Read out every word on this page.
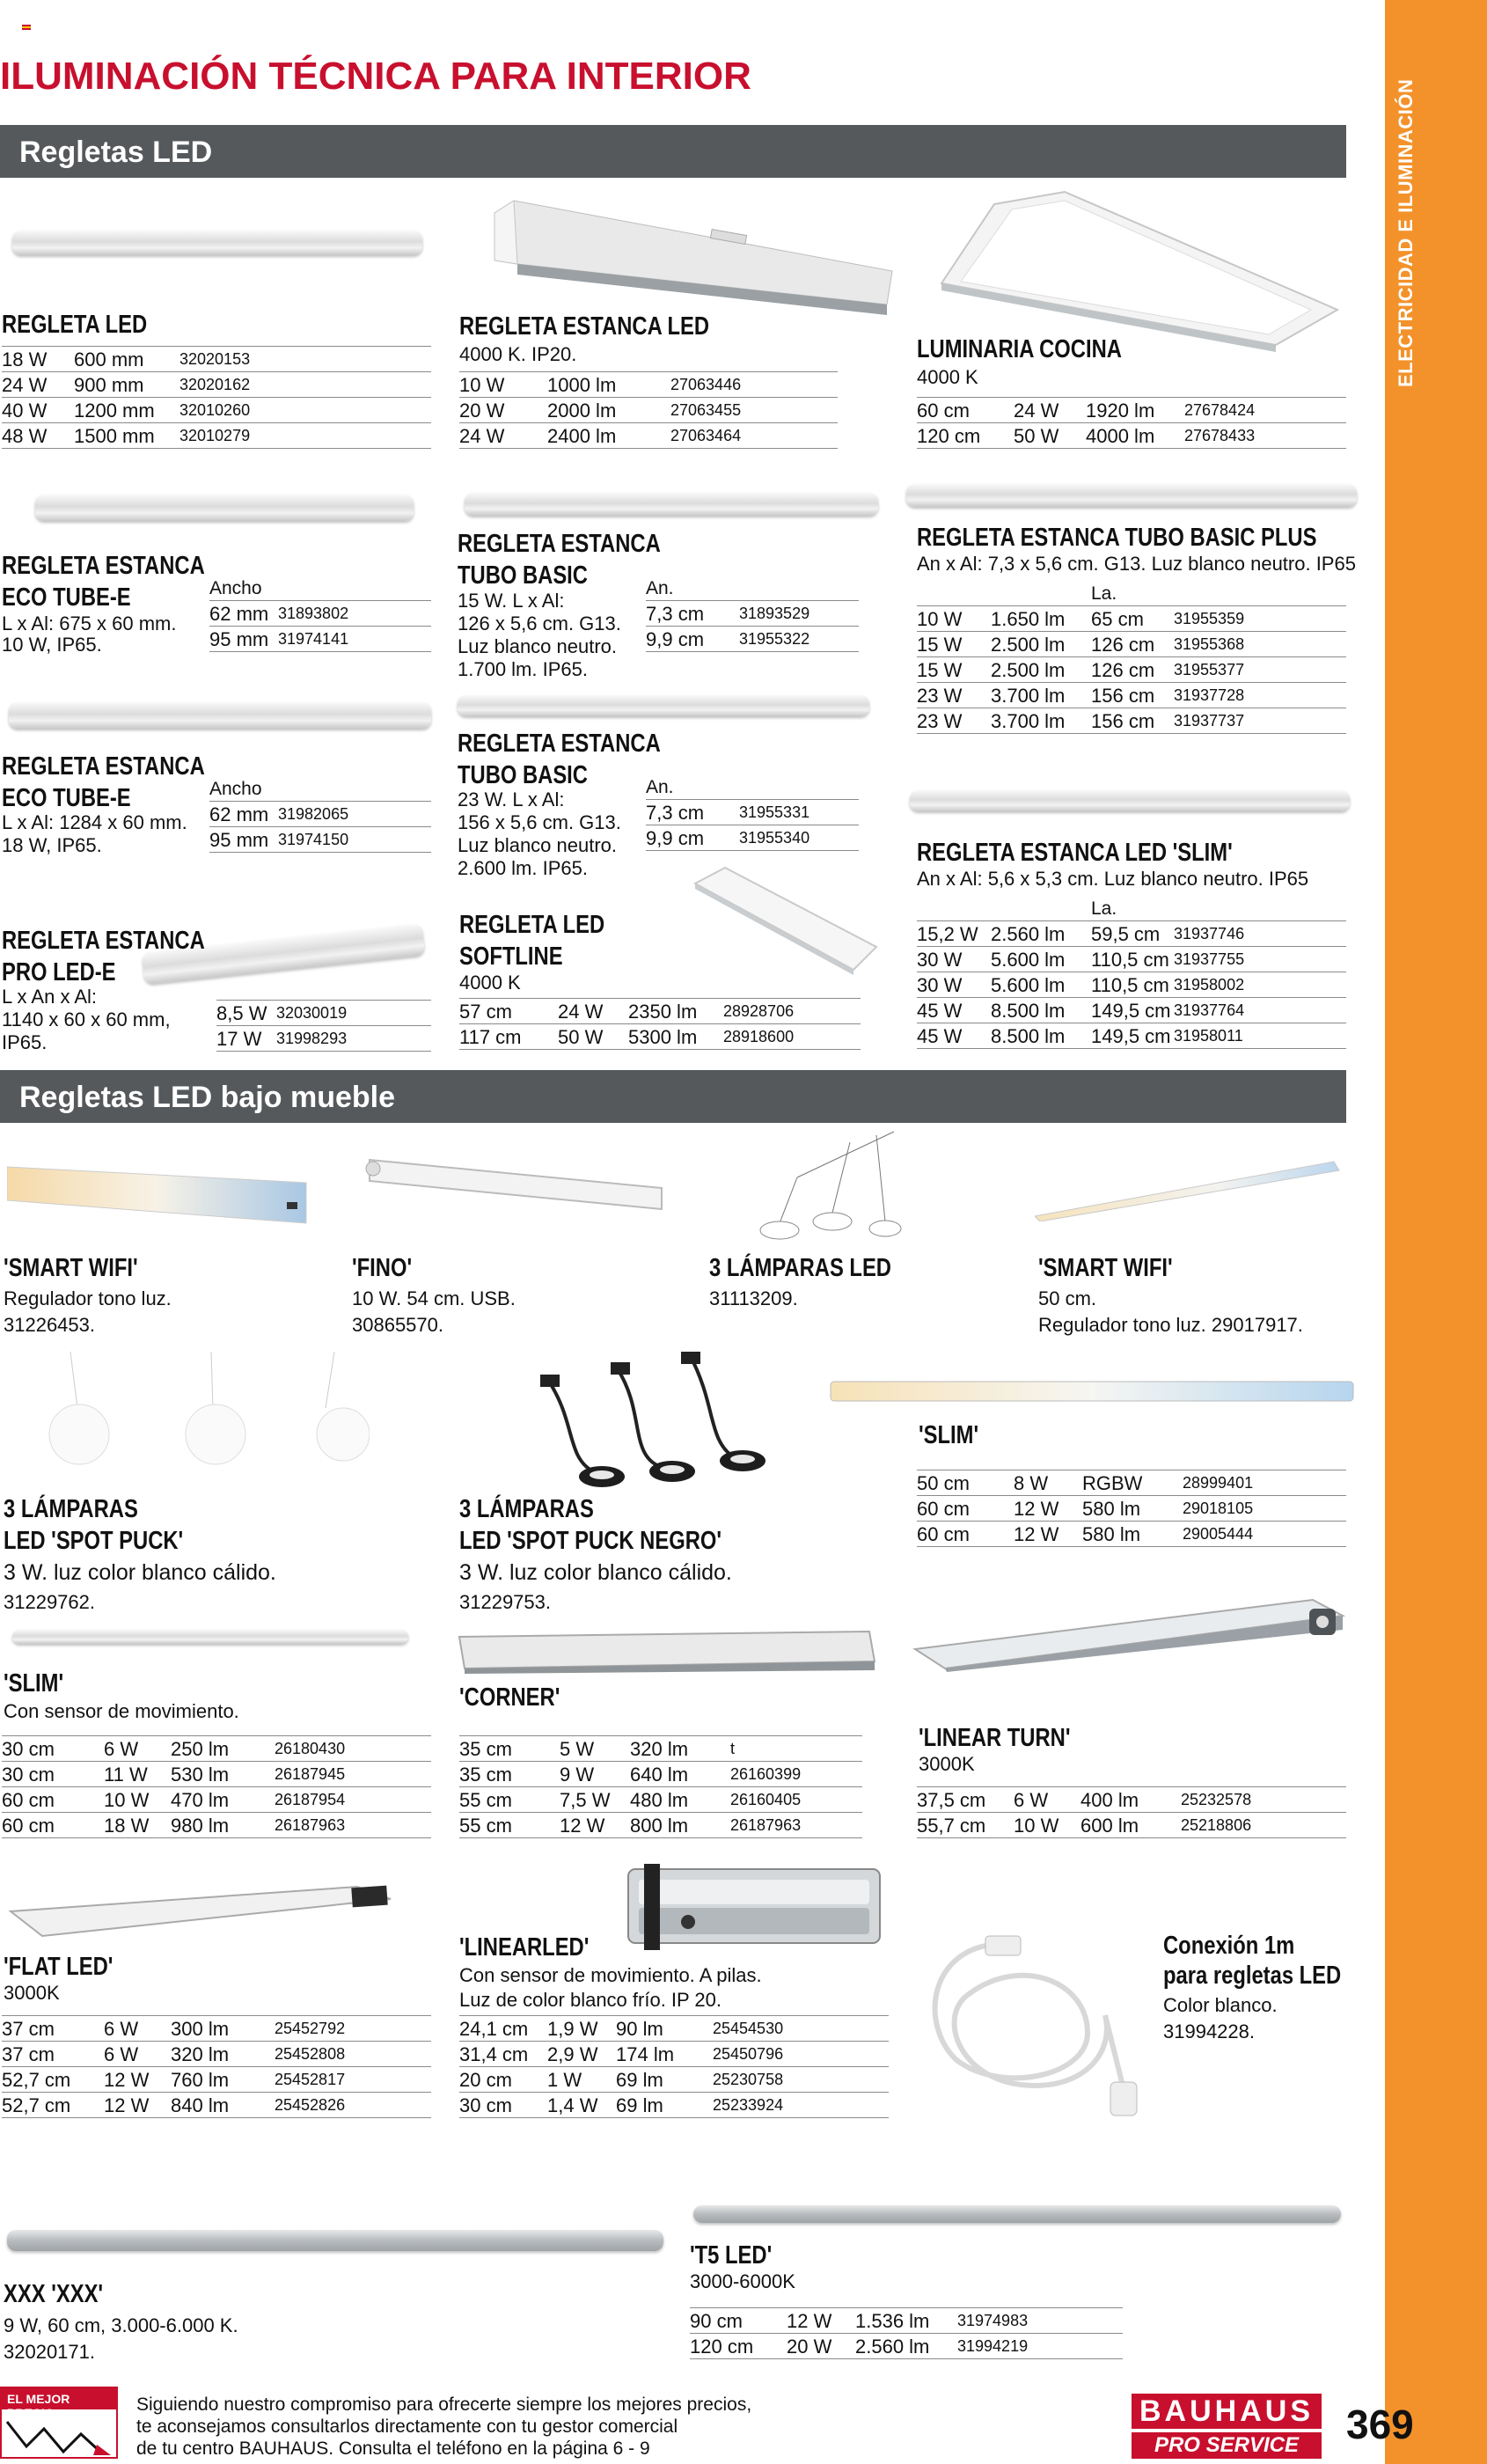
ELECTRICIDAD E ILUMINACIÓN
ILUMINACIÓN TÉCNICA PARA INTERIOR
Regletas LED
REGLETA LED
18 W	600 mm	32020153
24 W	900 mm	32020162
40 W	1200 mm	32010260
48 W	1500 mm	32010279
REGLETA ESTANCA LED
4000 K. IP20.
10 W	1000 lm	27063446
20 W	2000 lm	27063455
24 W	2400 lm	27063464
LUMINARIA COCINA
4000 K
60 cm	24 W	1920 lm	27678424
120 cm	50 W	4000 lm	27678433
REGLETA ESTANCA
ECO TUBE-E
L x Al: 675 x 60 mm.
10 W, IP65.
Ancho	
62 mm	31893802
95 mm	31974141
REGLETA ESTANCA
ECO TUBE-E
L x Al: 1284 x 60 mm.
18 W, IP65.
Ancho	
62 mm	31982065
95 mm	31974150
REGLETA ESTANCA
PRO LED-E
L x An x Al:
1140 x 60 x 60 mm,
IP65.
8,5 W	32030019
17 W	31998293
REGLETA ESTANCA
TUBO BASIC
15 W. L x Al:
126 x 5,6 cm. G13.
Luz blanco neutro.
1.700 lm. IP65.
An.	
7,3 cm	31893529
9,9 cm	31955322
REGLETA ESTANCA
TUBO BASIC
23 W. L x Al:
156 x 5,6 cm. G13.
Luz blanco neutro.
2.600 lm. IP65.
An.	
7,3 cm	31955331
9,9 cm	31955340
REGLETA LED
SOFTLINE
4000 K
57 cm	24 W	2350 lm	28928706
117 cm	50 W	5300 lm	28918600
REGLETA ESTANCA TUBO BASIC PLUS
An x Al: 7,3 x 5,6 cm. G13. Luz blanco neutro. IP65
		La.	
10 W	1.650 lm	65 cm	31955359
15 W	2.500 lm	126 cm	31955368
15 W	2.500 lm	126 cm	31955377
23 W	3.700 lm	156 cm	31937728
23 W	3.700 lm	156 cm	31937737
REGLETA ESTANCA LED 'SLIM'
An x Al: 5,6 x 5,3 cm. Luz blanco neutro. IP65
		La.	
15,2 W	2.560 lm	59,5 cm	31937746
30 W	5.600 lm	110,5 cm	31937755
30 W	5.600 lm	110,5 cm	31958002
45 W	8.500 lm	149,5 cm	31937764
45 W	8.500 lm	149,5 cm	31958011
Regletas LED bajo mueble
'SMART WIFI'
Regulador tono luz.
31226453.
'FINO'
10 W. 54 cm. USB.
30865570.
3 LÁMPARAS LED
31113209.
'SMART WIFI'
50 cm.
Regulador tono luz. 29017917.
3 LÁMPARAS
LED 'SPOT PUCK'
3 W. luz color blanco cálido.
31229762.
3 LÁMPARAS
LED 'SPOT PUCK NEGRO'
3 W. luz color blanco cálido.
31229753.
'SLIM'
50 cm	8 W	RGBW	28999401
60 cm	12 W	580 lm	29018105
60 cm	12 W	580 lm	29005444
'SLIM'
Con sensor de movimiento.
30 cm	6 W	250 lm	26180430
30 cm	11 W	530 lm	26187945
60 cm	10 W	470 lm	26187954
60 cm	18 W	980 lm	26187963
'CORNER'
35 cm	5 W	320 lm	t
35 cm	9 W	640 lm	26160399
55 cm	7,5 W	480 lm	26160405
55 cm	12 W	800 lm	26187963
'LINEAR TURN'
3000K
37,5 cm	6 W	400 lm	25232578
55,7 cm	10 W	600 lm	25218806
'FLAT LED'
3000K
37 cm	6 W	300 lm	25452792
37 cm	6 W	320 lm	25452808
52,7 cm	12 W	760 lm	25452817
52,7 cm	12 W	840 lm	25452826
'LINEARLED'
Con sensor de movimiento. A pilas.
Luz de color blanco frío. IP 20.
24,1 cm	1,9 W	90 lm	25454530
31,4 cm	2,9 W	174 lm	25450796
20 cm	1 W	69 lm	25230758
30 cm	1,4 W	69 lm	25233924
Conexión 1m
para regletas LED
Color blanco.
31994228.
XXX 'XXX'
9 W, 60 cm, 3.000-6.000 K.
32020171.
'T5 LED'
3000-6000K
90 cm	12 W	1.536 lm	31974983
120 cm	20 W	2.560 lm	31994219
EL MEJOR PRECIO	Siguiendo nuestro compromiso para ofrecerte siempre los mejores precios,
te aconsejamos consultarlos directamente con tu gestor comercial
de tu centro BAUHAUS. Consulta el teléfono en la página 6 - 9
BAUHAUS
PRO SERVICE	369
